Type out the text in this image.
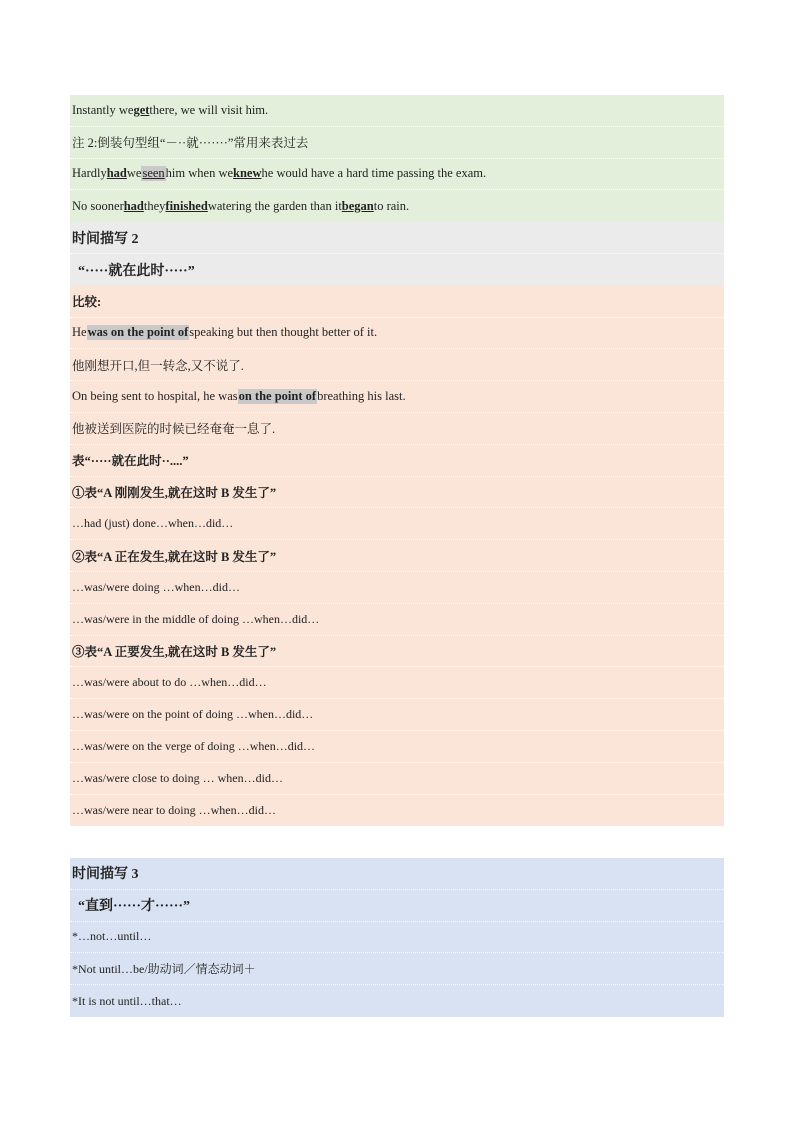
Instantly we get there, we will visit him.
注 2:倒装句型组“－··就·······”常用来表过去
Hardly had we seen him when we knew he would have a hard time passing the exam.
No sooner had they finished watering the garden than it began to rain.
时间描写 2
“·····就在此时·····”
比较:
He was on the point of speaking but then thought better of it.
他刚想开口,但一转念,又不说了.
On being sent to hospital, he was on the point of breathing his last.
他被送到医院的时候已经奄奄一息了.
表“·····就在此时··....”
①表“A 刚刚发生,就在这时 B 发生了”
…had (just) done…when…did…
②表“A 正在发生,就在这时 B 发生了”
…was/were doing …when…did…
…was/were in the middle of doing …when…did…
③表“A 正要发生,就在这时 B 发生了”
…was/were about to do …when…did…
…was/were on the point of doing …when…did…
…was/were on the verge of doing …when…did…
…was/were close to doing … when…did…
…was/were near to doing …when…did…
时间描写 3
“直到······才······”
*…not…until…
*Not until…be/助动词／情态动词＋
*It is not until…that…
